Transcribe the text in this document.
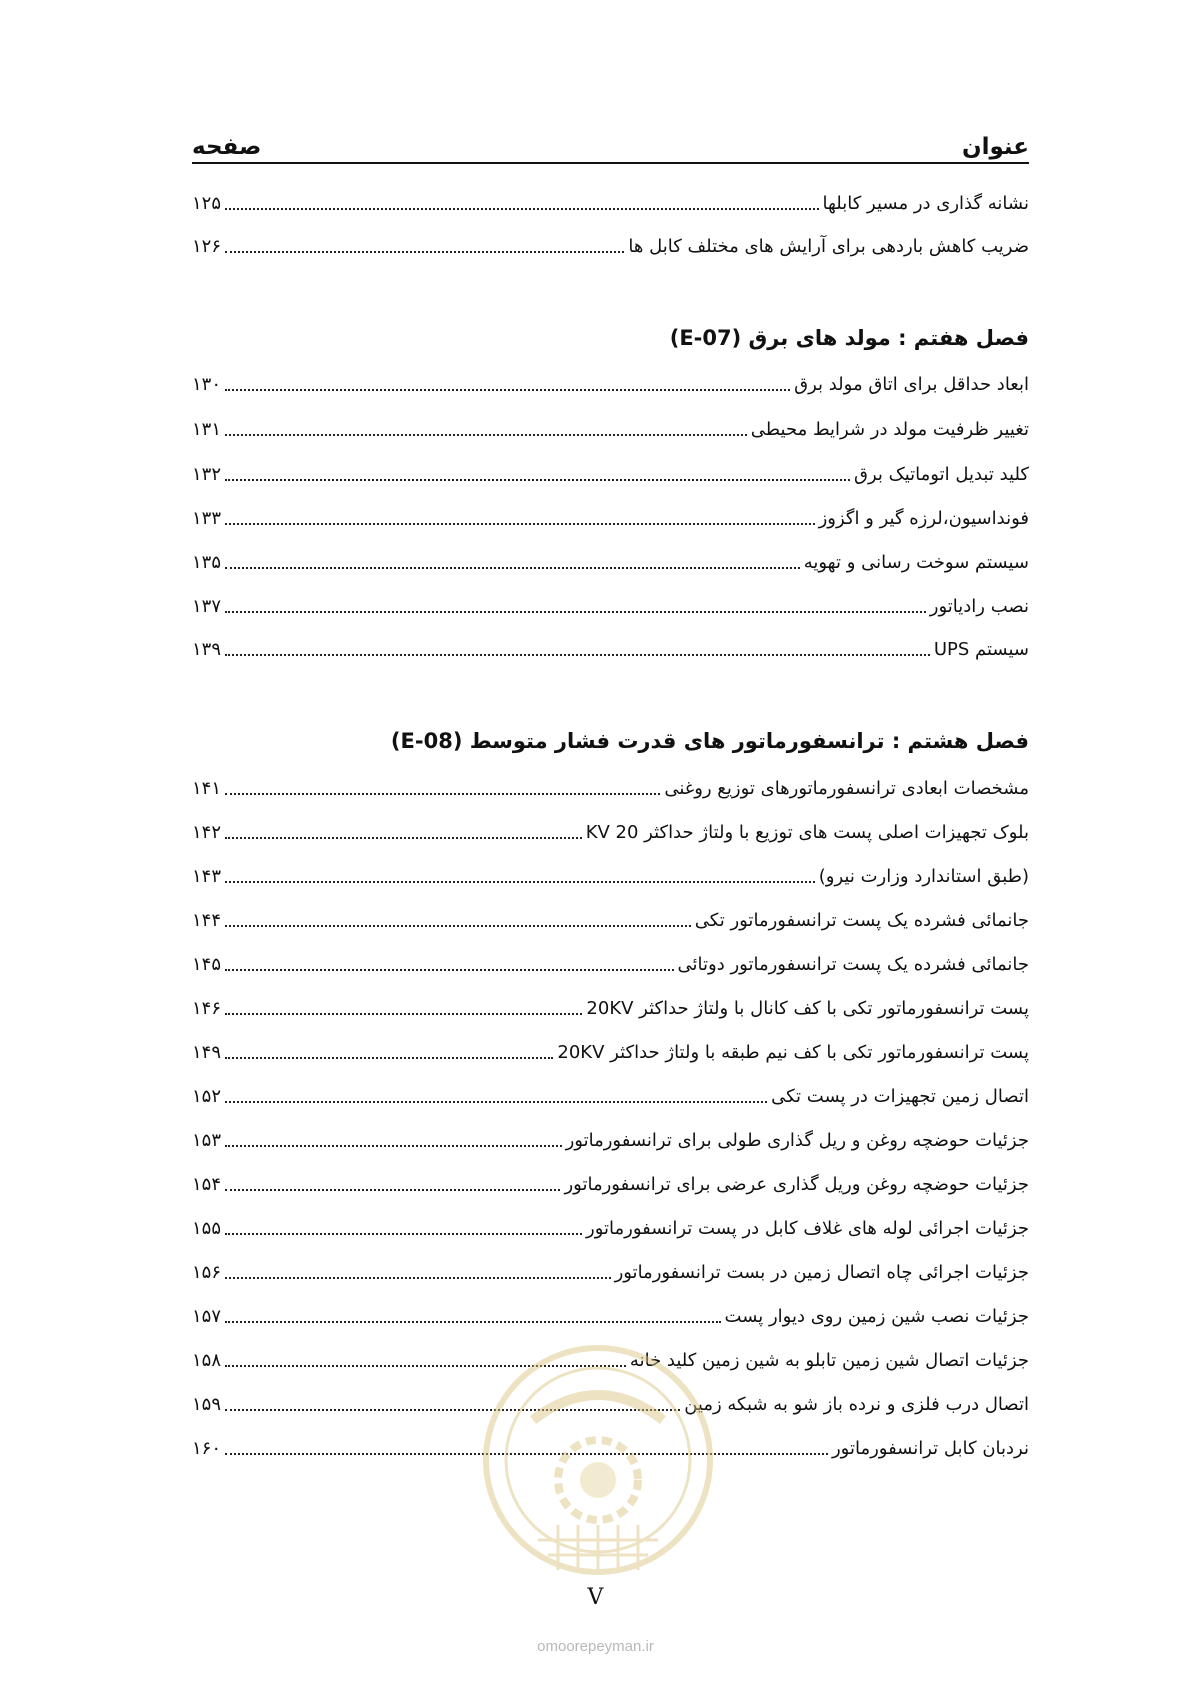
عنوان
صفحه
نشانه گذاری در مسیر کابلها
۱۲۵
ضریب کاهش باردهی برای آرایش های مختلف کابل ها
۱۲۶
فصل هفتم : مولد های برق (E-07)
ابعاد حداقل برای اتاق مولد برق
۱۳۰
تغییر ظرفیت مولد در شرایط محیطی
۱۳۱
کلید تبدیل اتوماتیک برق
۱۳۲
فونداسیون،لرزه گیر و اگزوز
۱۳۳
سیستم سوخت رسانی و تهویه
۱۳۵
نصب رادیاتور
۱۳۷
سیستم UPS
۱۳۹
فصل هشتم : ترانسفورماتور های قدرت فشار متوسط (E-08)
مشخصات ابعادی ترانسفورماتورهای توزیع روغنی
۱۴۱
بلوک تجهیزات اصلی پست های توزیع با ولتاژ حداکثر 20 KV
۱۴۲
(طبق استاندارد وزارت نیرو)
۱۴۳
جانمائی فشرده یک پست ترانسفورماتور تکی
۱۴۴
جانمائی فشرده یک پست ترانسفورماتور دوتائی
۱۴۵
پست ترانسفورماتور تکی با کف کانال با ولتاژ حداکثر 20KV
۱۴۶
پست ترانسفورماتور تکی با کف نیم طبقه با ولتاژ حداکثر 20KV
۱۴۹
اتصال زمین تجهیزات در پست تکی
۱۵۲
جزئیات حوضچه روغن و ریل گذاری طولی برای ترانسفورماتور
۱۵۳
جزئیات حوضچه روغن وریل گذاری عرضی برای ترانسفورماتور
۱۵۴
جزئیات اجرائی لوله های غلاف کابل در پست ترانسفورماتور
۱۵۵
جزئیات اجرائی چاه اتصال زمین در بست ترانسفورماتور
۱۵۶
جزئیات نصب شین زمین روی دیوار پست
۱۵۷
جزئیات اتصال شین زمین تابلو به شین زمین کلید خانه
۱۵۸
اتصال درب فلزی و نرده باز شو به شبکه زمین
۱۵۹
نردبان کابل ترانسفورماتور
۱۶۰
V
omoorepeyman.ir
